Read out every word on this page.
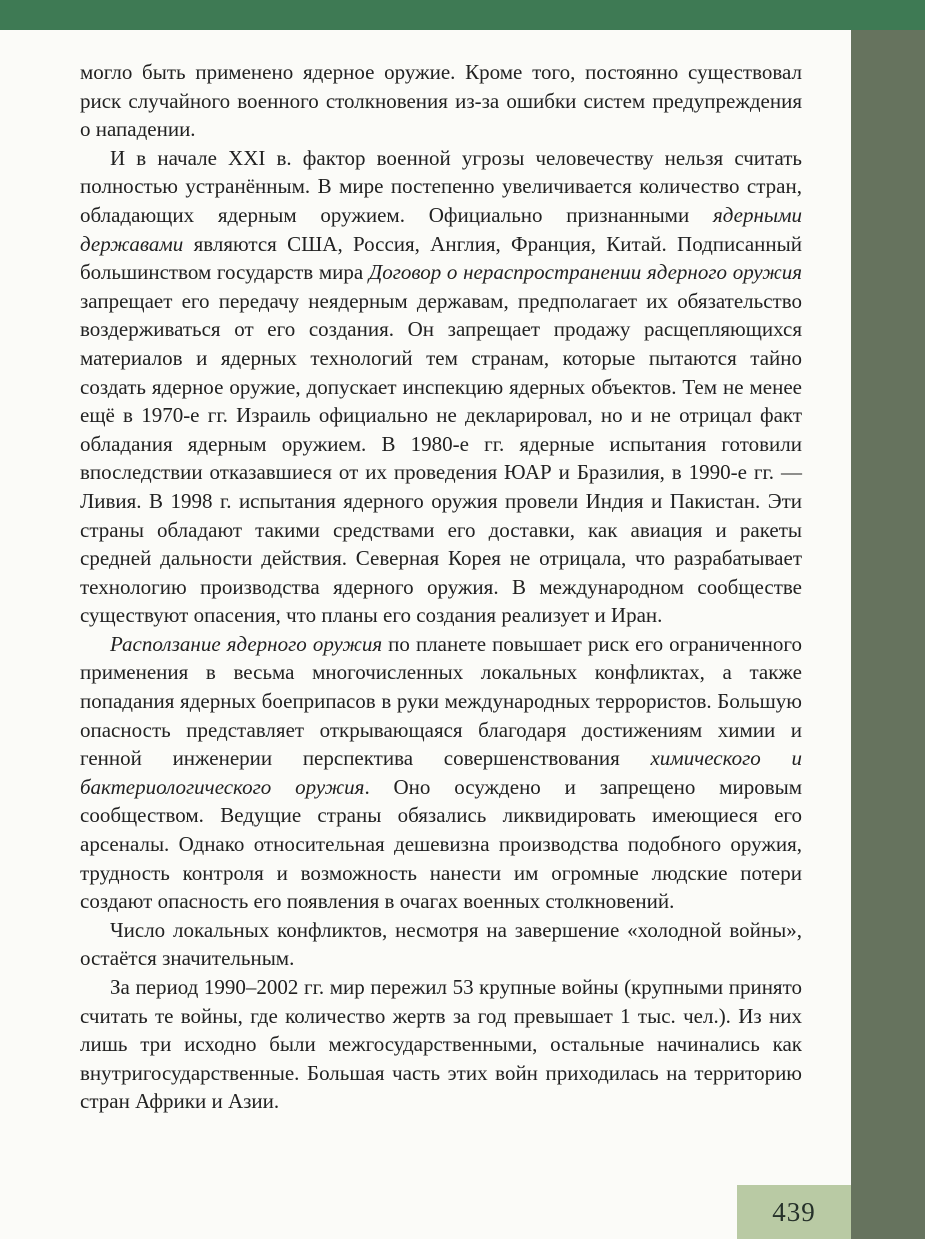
могло быть применено ядерное оружие. Кроме того, постоянно существовал риск случайного военного столкновения из-за ошибки систем предупреждения о нападении.

И в начале XXI в. фактор военной угрозы человечеству нельзя считать полностью устранённым. В мире постепенно увеличивается количество стран, обладающих ядерным оружием. Официально признанными ядерными державами являются США, Россия, Англия, Франция, Китай. Подписанный большинством государств мира Договор о нераспространении ядерного оружия запрещает его передачу неядерным державам, предполагает их обязательство воздерживаться от его создания. Он запрещает продажу расщепляющихся материалов и ядерных технологий тем странам, которые пытаются тайно создать ядерное оружие, допускает инспекцию ядерных объектов. Тем не менее ещё в 1970-е гг. Израиль официально не декларировал, но и не отрицал факт обладания ядерным оружием. В 1980-е гг. ядерные испытания готовили впоследствии отказавшиеся от их проведения ЮАР и Бразилия, в 1990-е гг. — Ливия. В 1998 г. испытания ядерного оружия провели Индия и Пакистан. Эти страны обладают такими средствами его доставки, как авиация и ракеты средней дальности действия. Северная Корея не отрицала, что разрабатывает технологию производства ядерного оружия. В международном сообществе существуют опасения, что планы его создания реализует и Иран.

Расползание ядерного оружия по планете повышает риск его ограниченного применения в весьма многочисленных локальных конфликтах, а также попадания ядерных боеприпасов в руки международных террористов. Большую опасность представляет открывающаяся благодаря достижениям химии и генной инженерии перспектива совершенствования химического и бактериологического оружия. Оно осуждено и запрещено мировым сообществом. Ведущие страны обязались ликвидировать имеющиеся его арсеналы. Однако относительная дешевизна производства подобного оружия, трудность контроля и возможность нанести им огромные людские потери создают опасность его появления в очагах военных столкновений.

Число локальных конфликтов, несмотря на завершение «холодной войны», остаётся значительным.

За период 1990–2002 гг. мир пережил 53 крупные войны (крупными принято считать те войны, где количество жертв за год превышает 1 тыс. чел.). Из них лишь три исходно были межгосударственными, остальные начинались как внутригосударственные. Большая часть этих войн приходилась на территорию стран Африки и Азии.

439
